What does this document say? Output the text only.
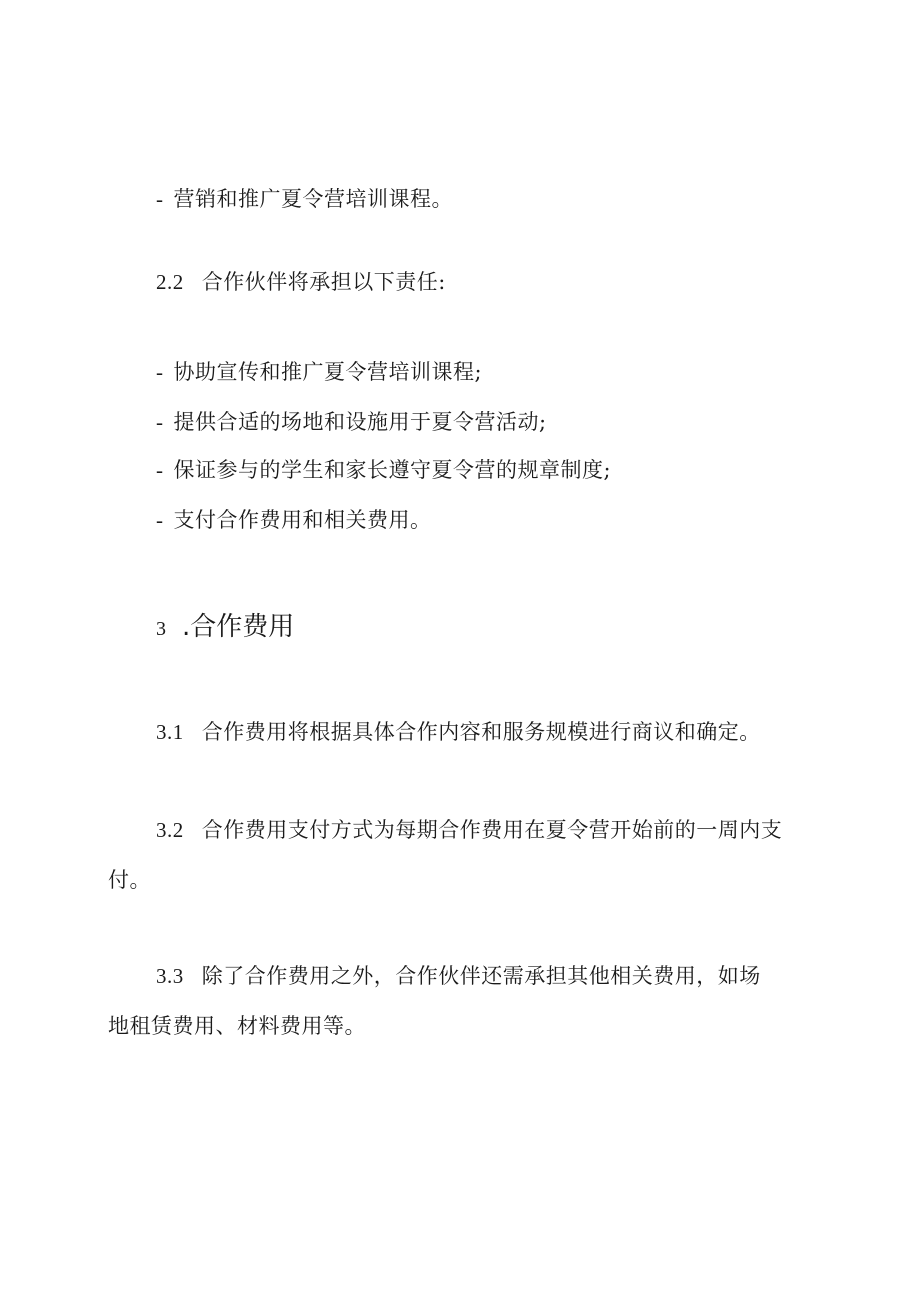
- 营销和推广夏令营培训课程。
2.2 合作伙伴将承担以下责任:
- 协助宣传和推广夏令营培训课程;
- 提供合适的场地和设施用于夏令营活动;
- 保证参与的学生和家长遵守夏令营的规章制度;
- 支付合作费用和相关费用。
3 .合作费用
3.1 合作费用将根据具体合作内容和服务规模进行商议和确定。
3.2 合作费用支付方式为每期合作费用在夏令营开始前的一周内支
付。
3.3 除了合作费用之外，合作伙伴还需承担其他相关费用，如场
地租赁费用、材料费用等。
